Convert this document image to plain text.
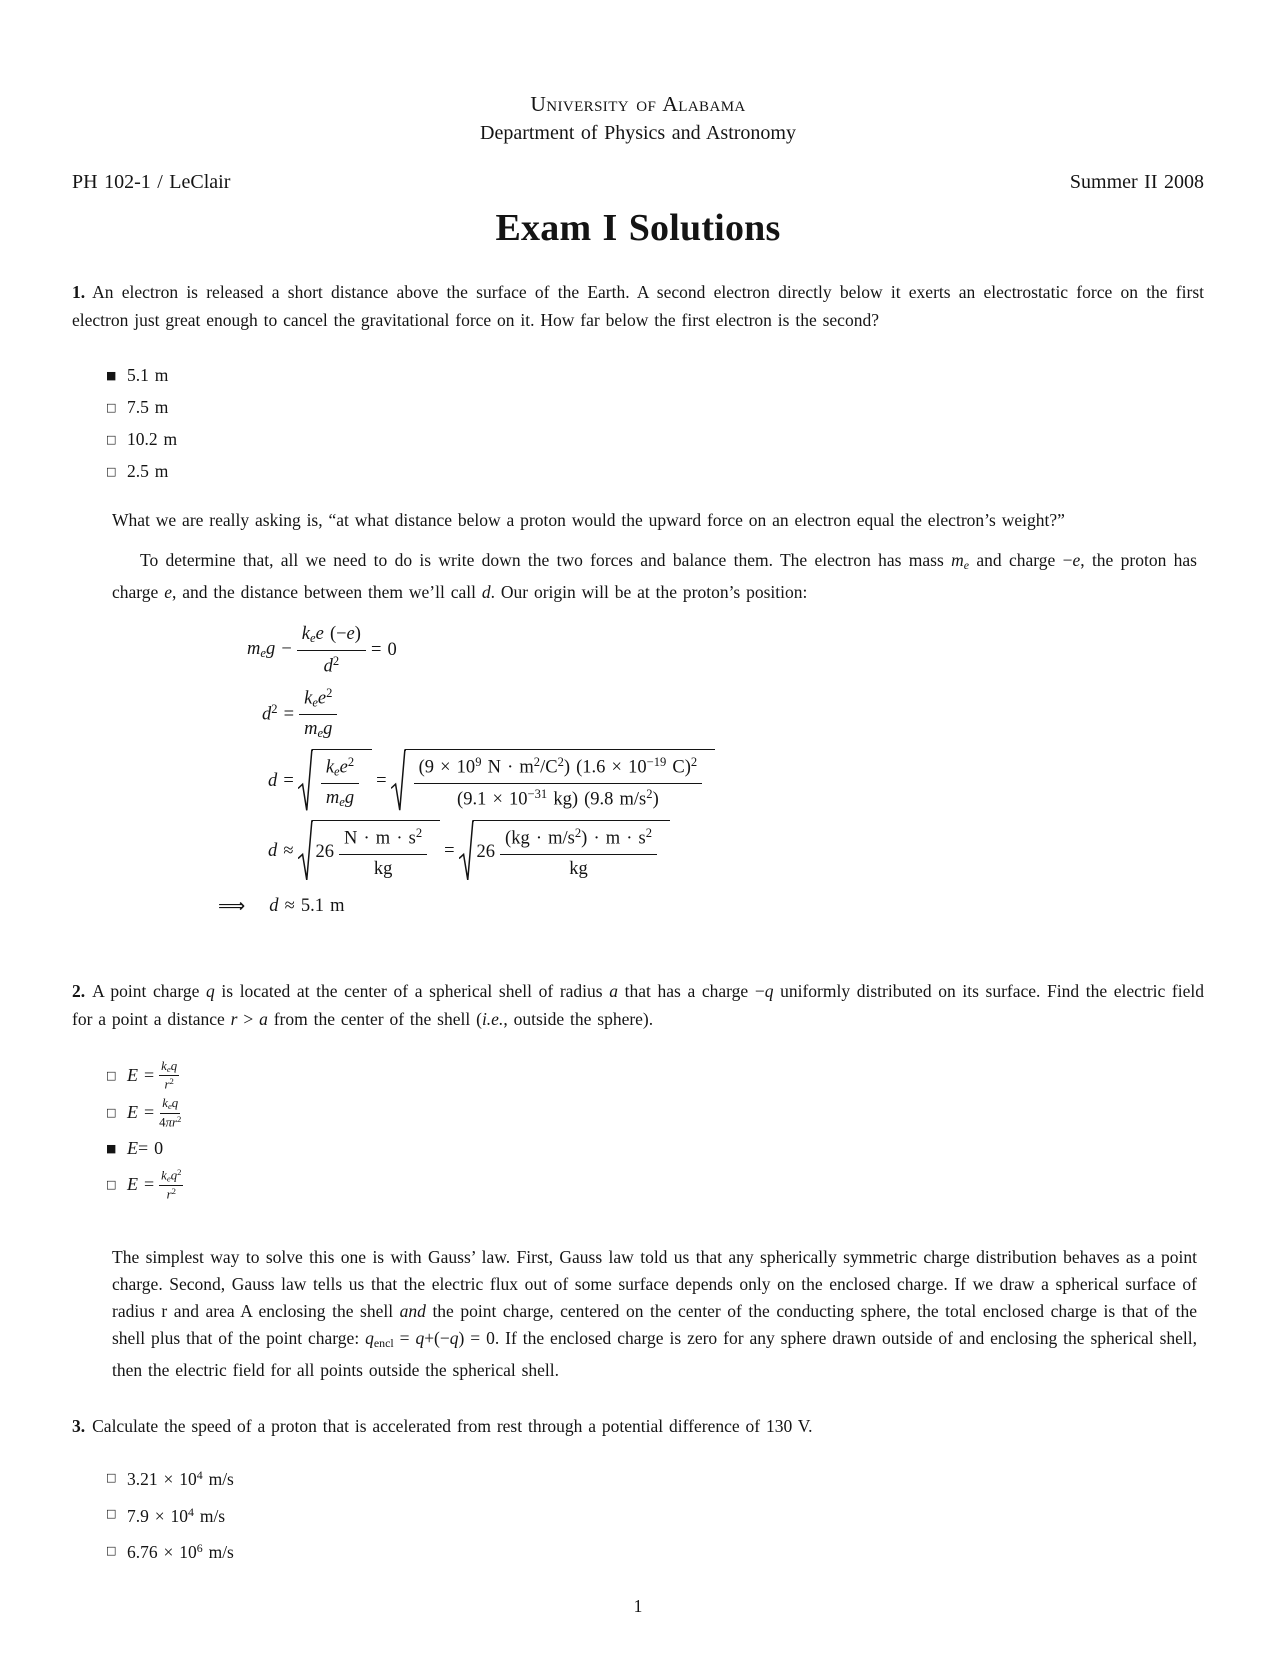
University of Alabama
Department of Physics and Astronomy
PH 102-1 / LeClair	Summer II 2008
Exam I Solutions

1. An electron is released a short distance above the surface of the Earth. A second electron directly below it exerts an electrostatic force on the first electron just great enough to cancel the gravitational force on it. How far below the first electron is the second?

■ 5.1 m
□ 7.5 m
□ 10.2 m
□ 2.5 m

What we are really asking is, “at what distance below a proton would the upward force on an electron equal the electron’s weight?”

To determine that, all we need to do is write down the two forces and balance them. The electron has mass me and charge −e, the proton has charge e, and the distance between them we’ll call d. Our origin will be at the proton’s position:

meg − $\frac{\text{kee (−e)}}{d^2} = 0$
$d^2 = \frac{kee^2}{\text{meg}}$
$d = \frac{kee^2}{\text{meg}} = \frac{(9 \times 10^9 N \cdot m^2/C^2) (1.6 \times 10^{-19} C)^2}{(9.1 \times 10^{-31} kg) (9.8 m/s^2)}$
$d \approx 26 \frac{N \cdot m \cdot s^2}{kg} = 26 \frac{(kg \cdot m/s^2) \cdot m \cdot s^2}{kg}$
⟹ d ≈ 5.1 m

2. A point charge q is located at the center of a spherical shell of radius a that has a charge −q uniformly distributed on its surface. Find the electric field for a point a distance r > a from the center of the shell (i.e., outside the sphere).

□ $E = \frac{\text{keq}}{r^2}$
□ $E = \frac{\text{keq}}{4\pi r^2}$
■ E = 0
□ $E = \frac{keq^2}{r^2}$

The simplest way to solve this one is with Gauss’ law. First, Gauss law told us that any spherically symmetric charge distribution behaves as a point charge. Second, Gauss law tells us that the electric flux out of some surface depends only on the enclosed charge. If we draw a spherical surface of radius r and area A enclosing the shell and the point charge, centered on the center of the conducting sphere, the total enclosed charge is that of the shell plus that of the point charge: qencl = q+(−q) = 0. If the enclosed charge is zero for any sphere drawn outside of and enclosing the spherical shell, then the electric field for all points outside the spherical shell.

3. Calculate the speed of a proton that is accelerated from rest through a potential difference of 130 V.

□ $3.21 \times 10^4$ m/s
□ $7.9 \times 10^4$ m/s
□ $6.76 \times 10^6$ m/s
1
